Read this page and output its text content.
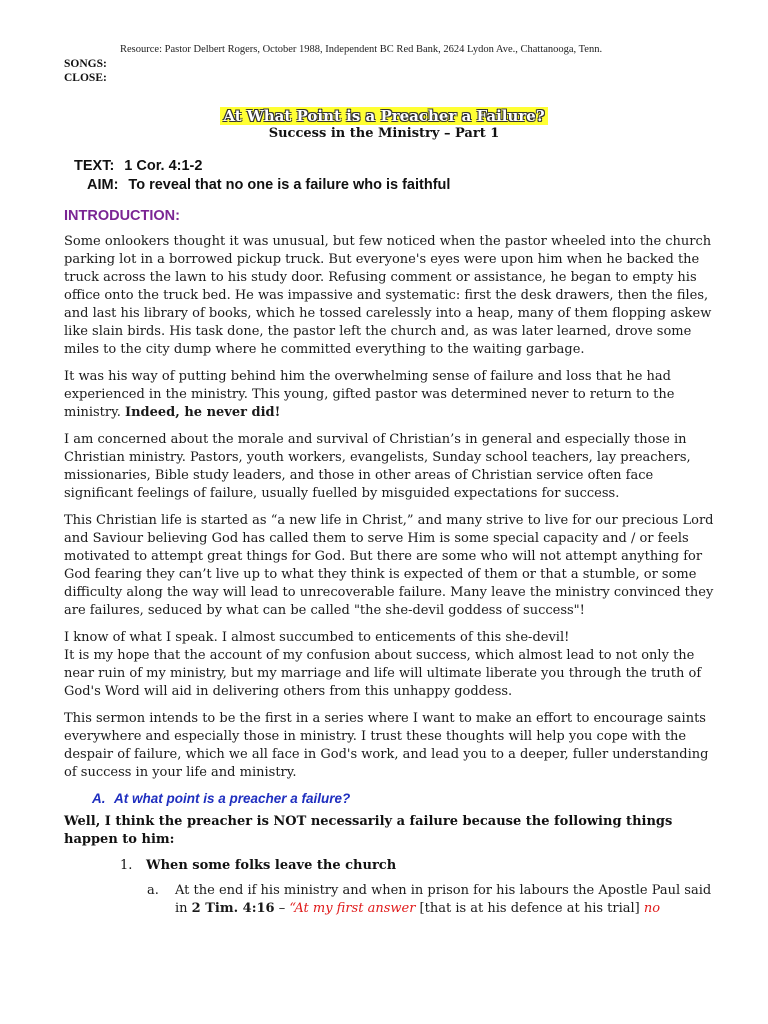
Resource: Pastor Delbert Rogers, October 1988, Independent BC Red Bank, 2624 Lydon Ave., Chattanooga, Tenn.
SONGS:
CLOSE:
At What Point is a Preacher a Failure?
Success in the Ministry – Part 1
TEXT: 1 Cor. 4:1-2
AIM: To reveal that no one is a failure who is faithful
INTRODUCTION:

Some onlookers thought it was unusual, but few noticed when the pastor wheeled into the church parking lot in a borrowed pickup truck. But everyone's eyes were upon him when he backed the truck across the lawn to his study door. Refusing comment or assistance, he began to empty his office onto the truck bed. He was impassive and systematic: first the desk drawers, then the files, and last his library of books, which he tossed carelessly into a heap, many of them flopping askew like slain birds. His task done, the pastor left the church and, as was later learned, drove some miles to the city dump where he committed everything to the waiting garbage.

It was his way of putting behind him the overwhelming sense of failure and loss that he had experienced in the ministry. This young, gifted pastor was determined never to return to the ministry. Indeed, he never did!

I am concerned about the morale and survival of Christian’s in general and especially those in Christian ministry. Pastors, youth workers, evangelists, Sunday school teachers, lay preachers, missionaries, Bible study leaders, and those in other areas of Christian service often face significant feelings of failure, usually fuelled by misguided expectations for success.

This Christian life is started as “a new life in Christ,” and many strive to live for our precious Lord and Saviour believing God has called them to serve Him is some special capacity and / or feels motivated to attempt great things for God. But there are some who will not attempt anything for God fearing they can’t live up to what they think is expected of them or that a stumble, or some difficulty along the way will lead to unrecoverable failure. Many leave the ministry convinced they are failures, seduced by what can be called "the she-devil goddess of success"!

I know of what I speak. I almost succumbed to enticements of this she-devil!

It is my hope that the account of my confusion about success, which almost lead to not only the near ruin of my ministry, but my marriage and life will ultimate liberate you through the truth of God's Word will aid in delivering others from this unhappy goddess.

This sermon intends to be the first in a series where I want to make an effort to encourage saints everywhere and especially those in ministry. I trust these thoughts will help you cope with the despair of failure, which we all face in God's work, and lead you to a deeper, fuller understanding of success in your life and ministry.

A. At what point is a preacher a failure?

Well, I think the preacher is NOT necessarily a failure because the following things happen to him:

1. When some folks leave the church
a. At the end if his ministry and when in prison for his labours the Apostle Paul said in 2 Tim. 4:16 – “At my first answer [that is at his defence at his trial] no
